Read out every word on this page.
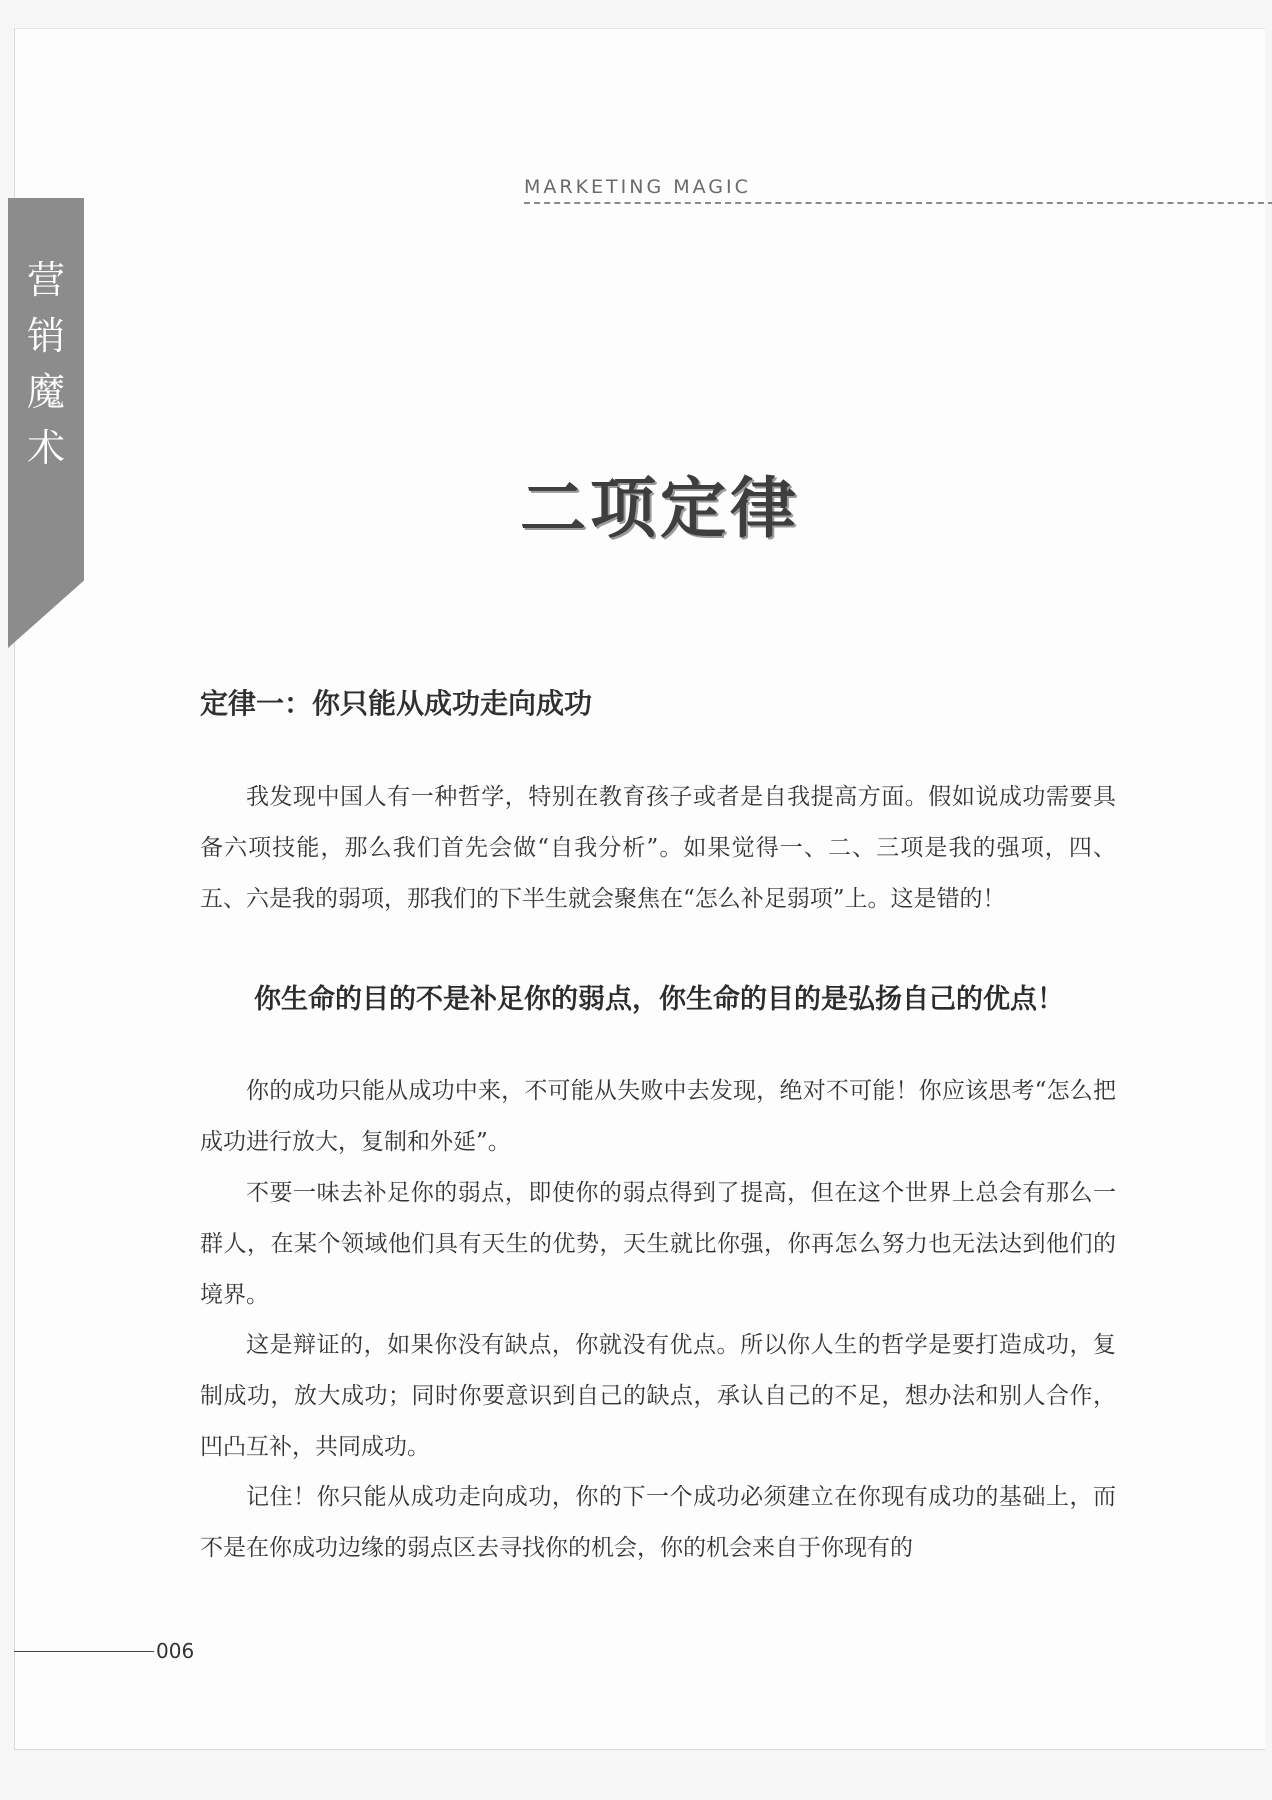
营
销
魔
术
MARKETING MAGIC
二项定律
定律一：你只能从成功走向成功

我发现中国人有一种哲学，特别在教育孩子或者是自我提高方面。假如说成功需要具备六项技能，那么我们首先会做“自我分析”。如果觉得一、二、三项是我的强项，四、五、六是我的弱项，那我们的下半生就会聚焦在“怎么补足弱项”上。这是错的！

你生命的目的不是补足你的弱点，你生命的目的是弘扬自己的优点！

你的成功只能从成功中来，不可能从失败中去发现，绝对不可能！你应该思考“怎么把成功进行放大，复制和外延”。

不要一味去补足你的弱点，即使你的弱点得到了提高，但在这个世界上总会有那么一群人，在某个领域他们具有天生的优势，天生就比你强，你再怎么努力也无法达到他们的境界。

这是辩证的，如果你没有缺点，你就没有优点。所以你人生的哲学是要打造成功，复制成功，放大成功；同时你要意识到自己的缺点，承认自己的不足，想办法和别人合作，凹凸互补，共同成功。

记住！你只能从成功走向成功，你的下一个成功必须建立在你现有成功的基础上，而不是在你成功边缘的弱点区去寻找你的机会，你的机会来自于你现有的

006
